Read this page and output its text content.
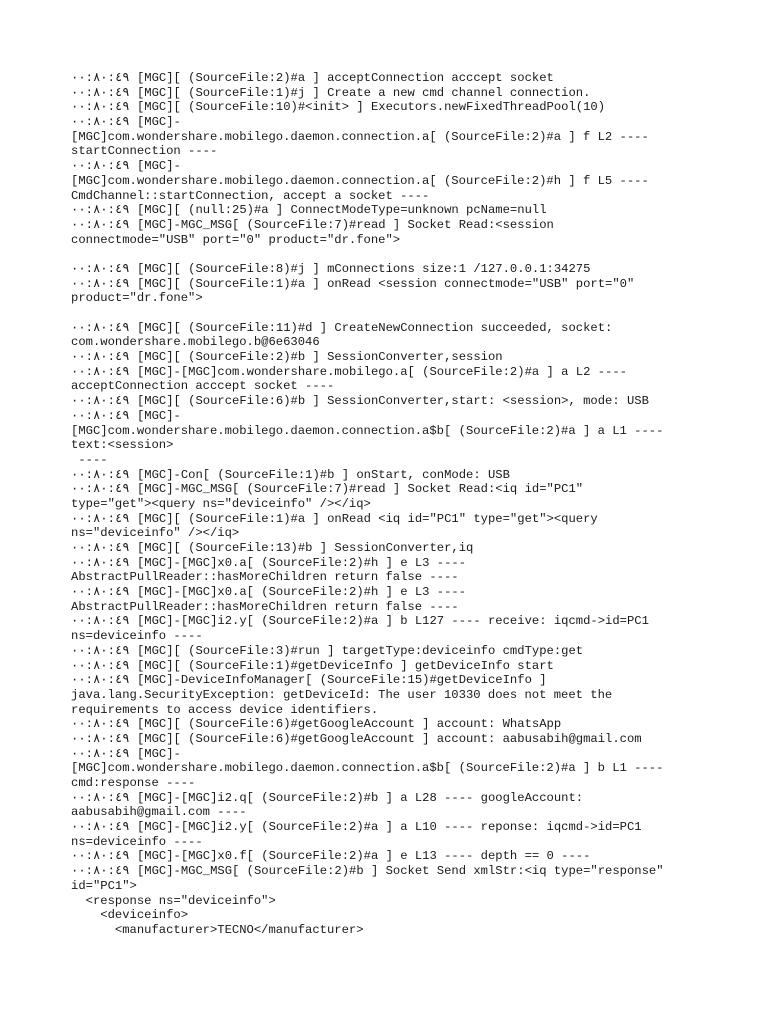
··:٤٩:·٨ [MGC][ (SourceFile:2)#a ] acceptConnection acccept socket
··:٤٩:·٨ [MGC][ (SourceFile:1)#j ] Create a new cmd channel connection.
··:٤٩:·٨ [MGC][ (SourceFile:10)#<init> ] Executors.newFixedThreadPool(10)
··:٤٩:·٨ [MGC]-
[MGC]com.wondershare.mobilego.daemon.connection.a[ (SourceFile:2)#a ] f L2 ----
startConnection ----
··:٤٩:·٨ [MGC]-
[MGC]com.wondershare.mobilego.daemon.connection.a[ (SourceFile:2)#h ] f L5 ----
CmdChannel::startConnection, accept a socket ----
··:٤٩:·٨ [MGC][ (null:25)#a ] ConnectModeType=unknown pcName=null
··:٤٩:·٨ [MGC]-MGC_MSG[ (SourceFile:7)#read ] Socket Read:<session
connectmode="USB" port="0" product="dr.fone">
··:٤٩:·٨ [MGC][ (SourceFile:8)#j ] mConnections size:1 /127.0.0.1:34275
··:٤٩:·٨ [MGC][ (SourceFile:1)#a ] onRead <session connectmode="USB" port="0"
product="dr.fone">
··:٤٩:·٨ [MGC][ (SourceFile:11)#d ] CreateNewConnection succeeded, socket:
com.wondershare.mobilego.b@6e63046
··:٤٩:·٨ [MGC][ (SourceFile:2)#b ] SessionConverter,session
··:٤٩:·٨ [MGC]-[MGC]com.wondershare.mobilego.a[ (SourceFile:2)#a ] a L2 ----
acceptConnection acccept socket ----
··:٤٩:·٨ [MGC][ (SourceFile:6)#b ] SessionConverter,start: <session>, mode: USB
··:٤٩:·٨ [MGC]-
[MGC]com.wondershare.mobilego.daemon.connection.a$b[ (SourceFile:2)#a ] a L1 ----
text:<session>
----
··:٤٩:·٨ [MGC]-Con[ (SourceFile:1)#b ] onStart, conMode: USB
··:٤٩:·٨ [MGC]-MGC_MSG[ (SourceFile:7)#read ] Socket Read:<iq id="PC1"
type="get"><query ns="deviceinfo" /></iq>
··:٤٩:·٨ [MGC][ (SourceFile:1)#a ] onRead <iq id="PC1" type="get"><query
ns="deviceinfo" /></iq>
··:٤٩:·٨ [MGC][ (SourceFile:13)#b ] SessionConverter,iq
··:٤٩:·٨ [MGC]-[MGC]x0.a[ (SourceFile:2)#h ] e L3 ----
AbstractPullReader::hasMoreChildren return false ----
··:٤٩:·٨ [MGC]-[MGC]x0.a[ (SourceFile:2)#h ] e L3 ----
AbstractPullReader::hasMoreChildren return false ----
··:٤٩:·٨ [MGC]-[MGC]i2.y[ (SourceFile:2)#a ] b L127 ---- receive: iqcmd->id=PC1
ns=deviceinfo ----
··:٤٩:·٨ [MGC][ (SourceFile:3)#run ] targetType:deviceinfo cmdType:get
··:٤٩:·٨ [MGC][ (SourceFile:1)#getDeviceInfo ] getDeviceInfo start
··:٤٩:·٨ [MGC]-DeviceInfoManager[ (SourceFile:15)#getDeviceInfo ]
java.lang.SecurityException: getDeviceId: The user 10330 does not meet the
requirements to access device identifiers.
··:٤٩:·٨ [MGC][ (SourceFile:6)#getGoogleAccount ] account: WhatsApp
··:٤٩:·٨ [MGC][ (SourceFile:6)#getGoogleAccount ] account: aabusabih@gmail.com
··:٤٩:·٨ [MGC]-
[MGC]com.wondershare.mobilego.daemon.connection.a$b[ (SourceFile:2)#a ] b L1 ----
cmd:response ----
··:٤٩:·٨ [MGC]-[MGC]i2.q[ (SourceFile:2)#b ] a L28 ---- googleAccount:
aabusabih@gmail.com ----
··:٤٩:·٨ [MGC]-[MGC]i2.y[ (SourceFile:2)#a ] a L10 ---- reponse: iqcmd->id=PC1
ns=deviceinfo ----
··:٤٩:·٨ [MGC]-[MGC]x0.f[ (SourceFile:2)#a ] e L13 ---- depth == 0 ----
··:٤٩:·٨ [MGC]-MGC_MSG[ (SourceFile:2)#b ] Socket Send xmlStr:<iq type="response"
id="PC1">
<response ns="deviceinfo">
<deviceinfo>
<manufacturer>TECNO</manufacturer>
